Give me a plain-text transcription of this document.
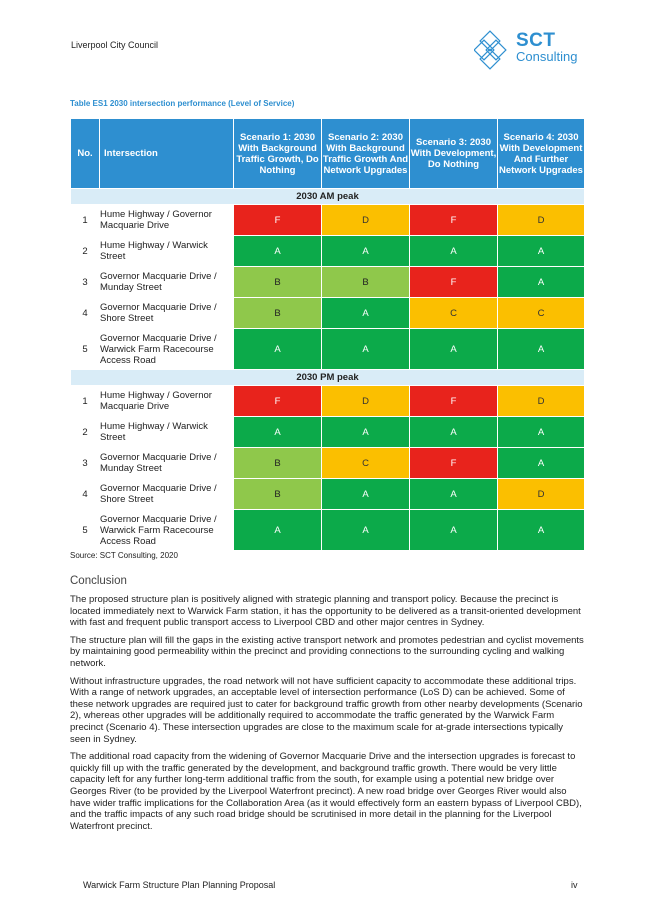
Liverpool City Council	SCT
Consulting
Table ES1 2030 intersection performance (Level of Service)
No.	Intersection	Scenario 1: 2030 With Background Traffic Growth, Do Nothing	Scenario 2: 2030 With Background Traffic Growth And Network Upgrades	Scenario 3: 2030 With Development, Do Nothing	Scenario 4: 2030 With Development And Further Network Upgrades
2030 AM peak					
1	Hume Highway / Governor Macquarie Drive	F	D	F	D
2	Hume Highway / Warwick Street	A	A	A	A
3	Governor Macquarie Drive / Munday Street	B	B	F	A
4	Governor Macquarie Drive / Shore Street	B	A	C	C
5	Governor Macquarie Drive / Warwick Farm Racecourse Access Road	A	A	A	A
2030 PM peak					
1	Hume Highway / Governor Macquarie Drive	F	D	F	D
2	Hume Highway / Warwick Street	A	A	A	A
3	Governor Macquarie Drive / Munday Street	B	C	F	A
4	Governor Macquarie Drive / Shore Street	B	A	A	D
5	Governor Macquarie Drive / Warwick Farm Racecourse Access Road	A	A	A	A
Source: SCT Consulting, 2020
Conclusion

The proposed structure plan is positively aligned with strategic planning and transport policy. Because the precinct is located immediately next to Warwick Farm station, it has the opportunity to be delivered as a transit-oriented development with fast and frequent public transport access to Liverpool CBD and other major centres in Sydney.

The structure plan will fill the gaps in the existing active transport network and promotes pedestrian and cyclist movements by maintaining good permeability within the precinct and providing connections to the surrounding cycling and walking network.

Without infrastructure upgrades, the road network will not have sufficient capacity to accommodate these additional trips. With a range of network upgrades, an acceptable level of intersection performance (LoS D) can be achieved. Some of these network upgrades are required just to cater for background traffic growth from other nearby developments (Scenario 2), whereas other upgrades will be additionally required to accommodate the traffic generated by the Warwick Farm precinct (Scenario 4). These intersection upgrades are close to the maximum scale for at-grade intersections typically seen in Sydney.

The additional road capacity from the widening of Governor Macquarie Drive and the intersection upgrades is forecast to quickly fill up with the traffic generated by the development, and background traffic growth. There would be very little capacity left for any further long-term additional traffic from the south, for example using a potential new bridge over Georges River (to be provided by the Liverpool Waterfront precinct). A new road bridge over Georges River would also have wider traffic implications for the Collaboration Area (as it would effectively form an eastern bypass of Liverpool CBD), and the traffic impacts of any such road bridge should be scrutinised in more detail in the planning for the Liverpool Waterfront precinct.

Warwick Farm Structure Plan Planning Proposal	iv
